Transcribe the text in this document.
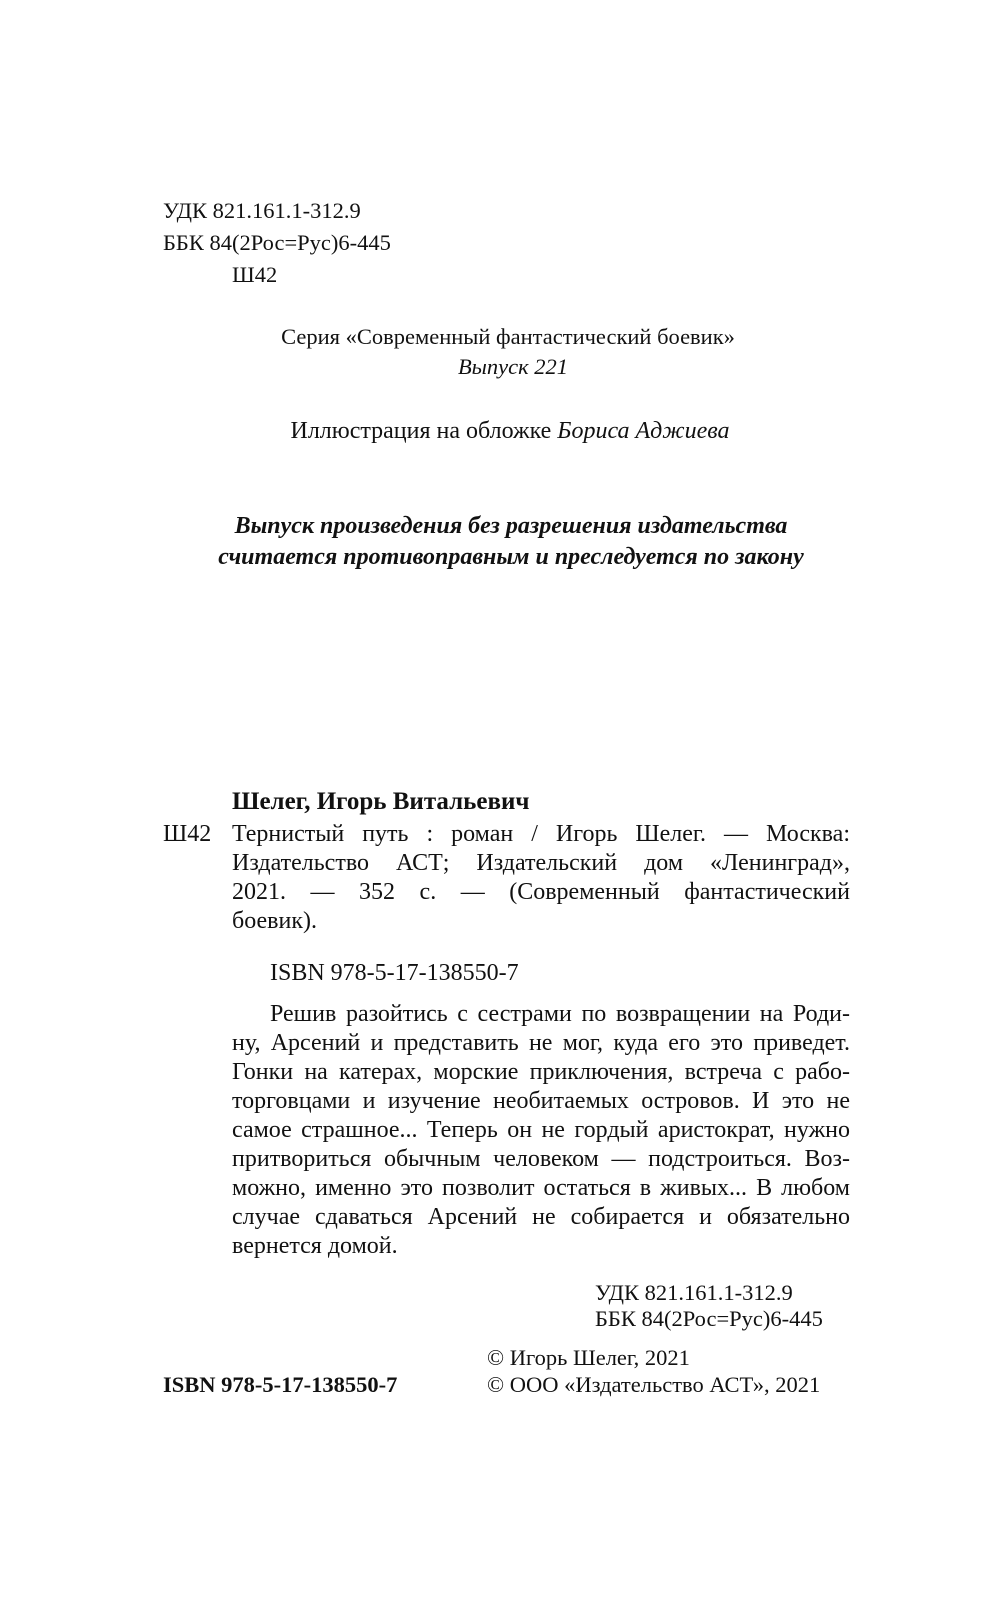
УДК 821.161.1-312.9
ББК 84(2Рос=Рус)6-445
Ш42
Серия «Современный фантастический боевик»
Выпуск 221
Иллюстрация на обложке Бориса Аджиева
Выпуск произведения без разрешения издательства
считается противоправным и преследуется по закону
Шелег, Игорь Витальевич
Ш42 Тернистый путь : роман / Игорь Шелег. — Москва:
Издательство АСТ; Издательский дом «Ленинград»,
2021. — 352 с. — (Современный фантастический
боевик).
ISBN 978-5-17-138550-7
Решив разойтись с сестрами по возвращении на Роди-
ну, Арсений и представить не мог, куда его это приведет.
Гонки на катерах, морские приключения, встреча с рабо-
торговцами и изучение необитаемых островов. И это не
самое страшное... Теперь он не гордый аристократ, нужно
притвориться обычным человеком — подстроиться. Воз-
можно, именно это позволит остаться в живых... В любом
случае сдаваться Арсений не собирается и обязательно
вернется домой.
УДК 821.161.1-312.9
ББК 84(2Рос=Рус)6-445
© Игорь Шелег, 2021
ISBN 978-5-17-138550-7	© ООО «Издательство АСТ», 2021
